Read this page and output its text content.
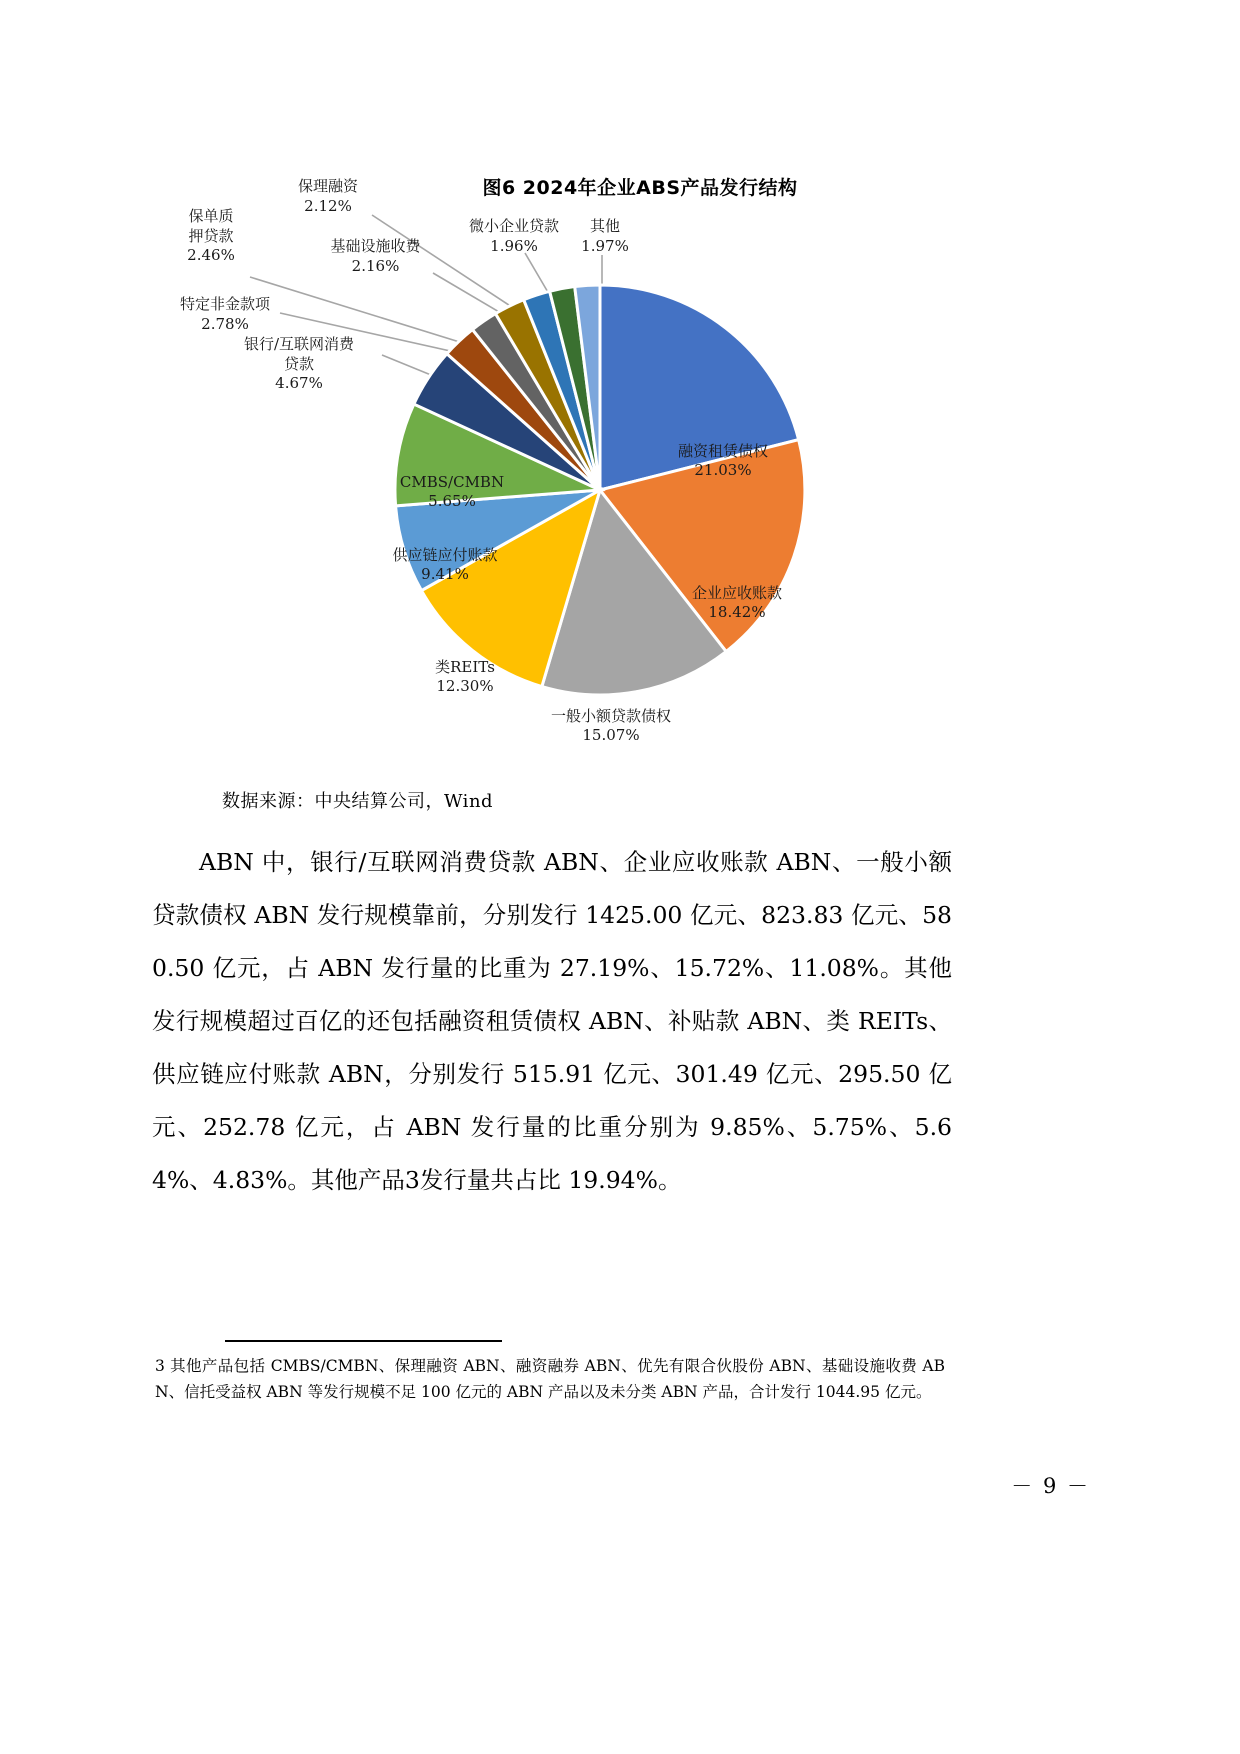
图6 2024年企业ABS产品发行结构
融资租赁债权
21.03%
企业应收账款
18.42%
一般小额贷款债权
15.07%
类REITs
12.30%
供应链应付账款
9.41%
CMBS/CMBN
5.65%
银行/互联网消费
贷款
4.67%
特定非金款项
2.78%
保单质
押贷款
2.46%
保理融资
2.12%
基础设施收费
2.16%
微小企业贷款
1.96%
其他
1.97%
数据来源：中央结算公司，Wind
ABN 中，银行/互联网消费贷款 ABN、企业应收账款 ABN、一般小额贷款债权 ABN 发行规模靠前，分别发行 1425.00 亿元、823.83 亿元、580.50 亿元，占 ABN 发行量的比重为 27.19%、15.72%、11.08%。其他发行规模超过百亿的还包括融资租赁债权 ABN、补贴款 ABN、类 REITs、供应链应付账款 ABN，分别发行 515.91 亿元、301.49 亿元、295.50 亿元、252.78 亿元，占 ABN 发行量的比重分别为 9.85%、5.75%、5.64%、4.83%。其他产品3发行量共占比 19.94%。
3 其他产品包括 CMBS/CMBN、保理融资 ABN、融资融券 ABN、优先有限合伙股份 ABN、基础设施收费 ABN、信托受益权 ABN 等发行规模不足 100 亿元的 ABN 产品以及未分类 ABN 产品，合计发行 1044.95 亿元。
－ 9 －
